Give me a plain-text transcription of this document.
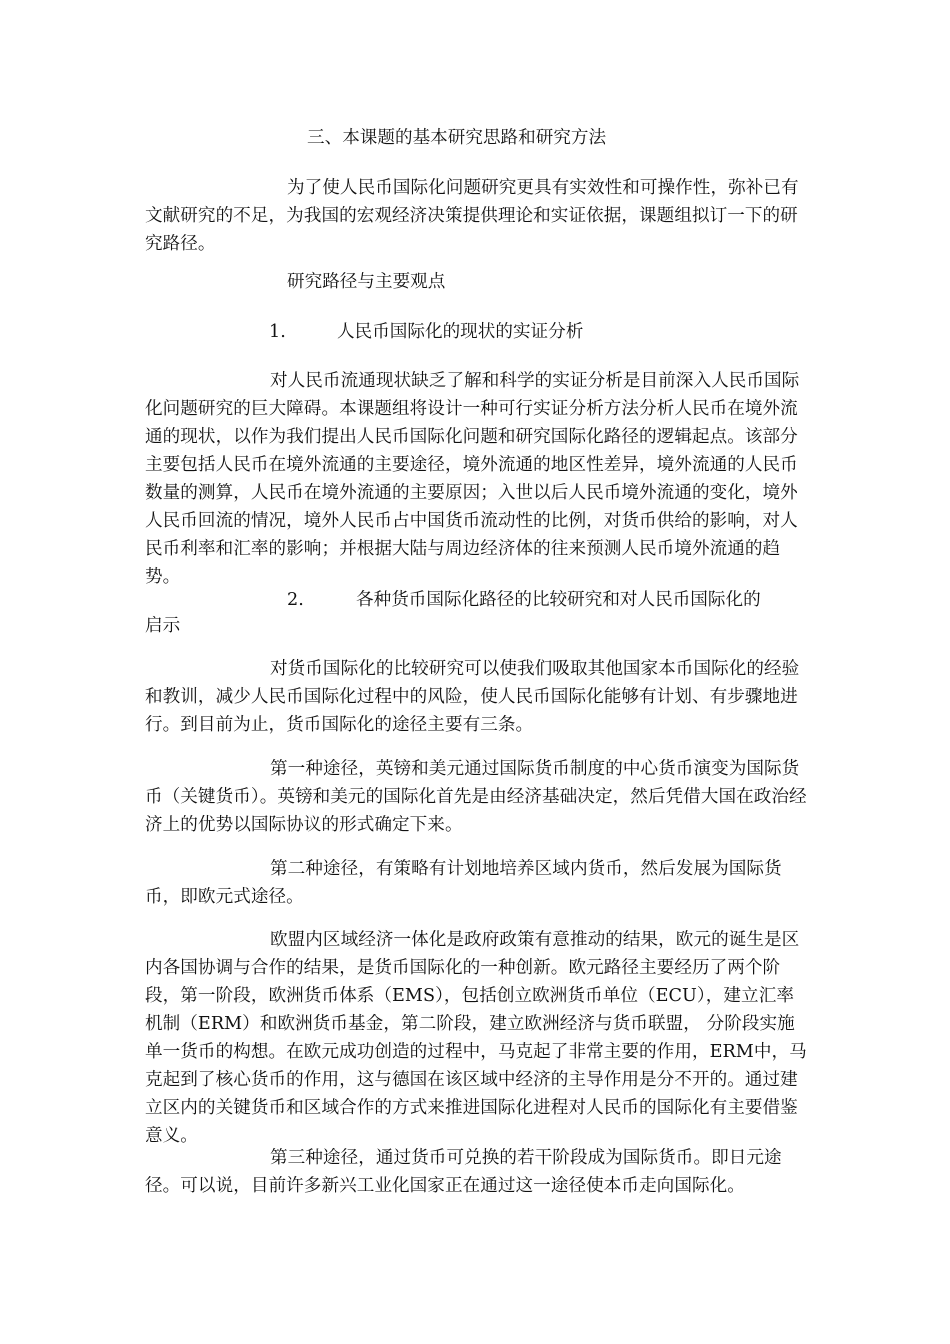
三、本课题的基本研究思路和研究方法

为了使人民币国际化问题研究更具有实效性和可操作性，弥补已有文献研究的不足，为我国的宏观经济决策提供理论和实证依据，课题组拟订一下的研究路径。

研究路径与主要观点
1.	人民币国际化的现状的实证分析

对人民币流通现状缺乏了解和科学的实证分析是目前深入人民币国际化问题研究的巨大障碍。本课题组将设计一种可行实证分析方法分析人民币在境外流通的现状，以作为我们提出人民币国际化问题和研究国际化路径的逻辑起点。该部分主要包括人民币在境外流通的主要途径，境外流通的地区性差异，境外流通的人民币数量的测算，人民币在境外流通的主要原因；入世以后人民币境外流通的变化，境外人民币回流的情况，境外人民币占中国货币流动性的比例，对货币供给的影响，对人民币利率和汇率的影响；并根据大陆与周边经济体的往来预测人民币境外流通的趋势。

2.	各种货币国际化路径的比较研究和对人民币国际化的
启示

对货币国际化的比较研究可以使我们吸取其他国家本币国际化的经验和教训，减少人民币国际化过程中的风险，使人民币国际化能够有计划、有步骤地进行。到目前为止，货币国际化的途径主要有三条。

第一种途径，英镑和美元通过国际货币制度的中心货币演变为国际货币（关键货币）。英镑和美元的国际化首先是由经济基础决定，然后凭借大国在政治经济上的优势以国际协议的形式确定下来。

第二种途径，有策略有计划地培养区域内货币，然后发展为国际货币，即欧元式途径。

欧盟内区域经济一体化是政府政策有意推动的结果，欧元的诞生是区内各国协调与合作的结果，是货币国际化的一种创新。欧元路径主要经历了两个阶段，第一阶段，欧洲货币体系（EMS），包括创立欧洲货币单位（ECU），建立汇率机制（ERM）和欧洲货币基金，第二阶段，建立欧洲经济与货币联盟， 分阶段实施单一货币的构想。在欧元成功创造的过程中，马克起了非常主要的作用，ERM中，马克起到了核心货币的作用，这与德国在该区域中经济的主导作用是分不开的。通过建立区内的关键货币和区域合作的方式来推进国际化进程对人民币的国际化有主要借鉴意义。

第三种途径，通过货币可兑换的若干阶段成为国际货币。即日元途径。可以说，目前许多新兴工业化国家正在通过这一途径使本币走向国际化。
